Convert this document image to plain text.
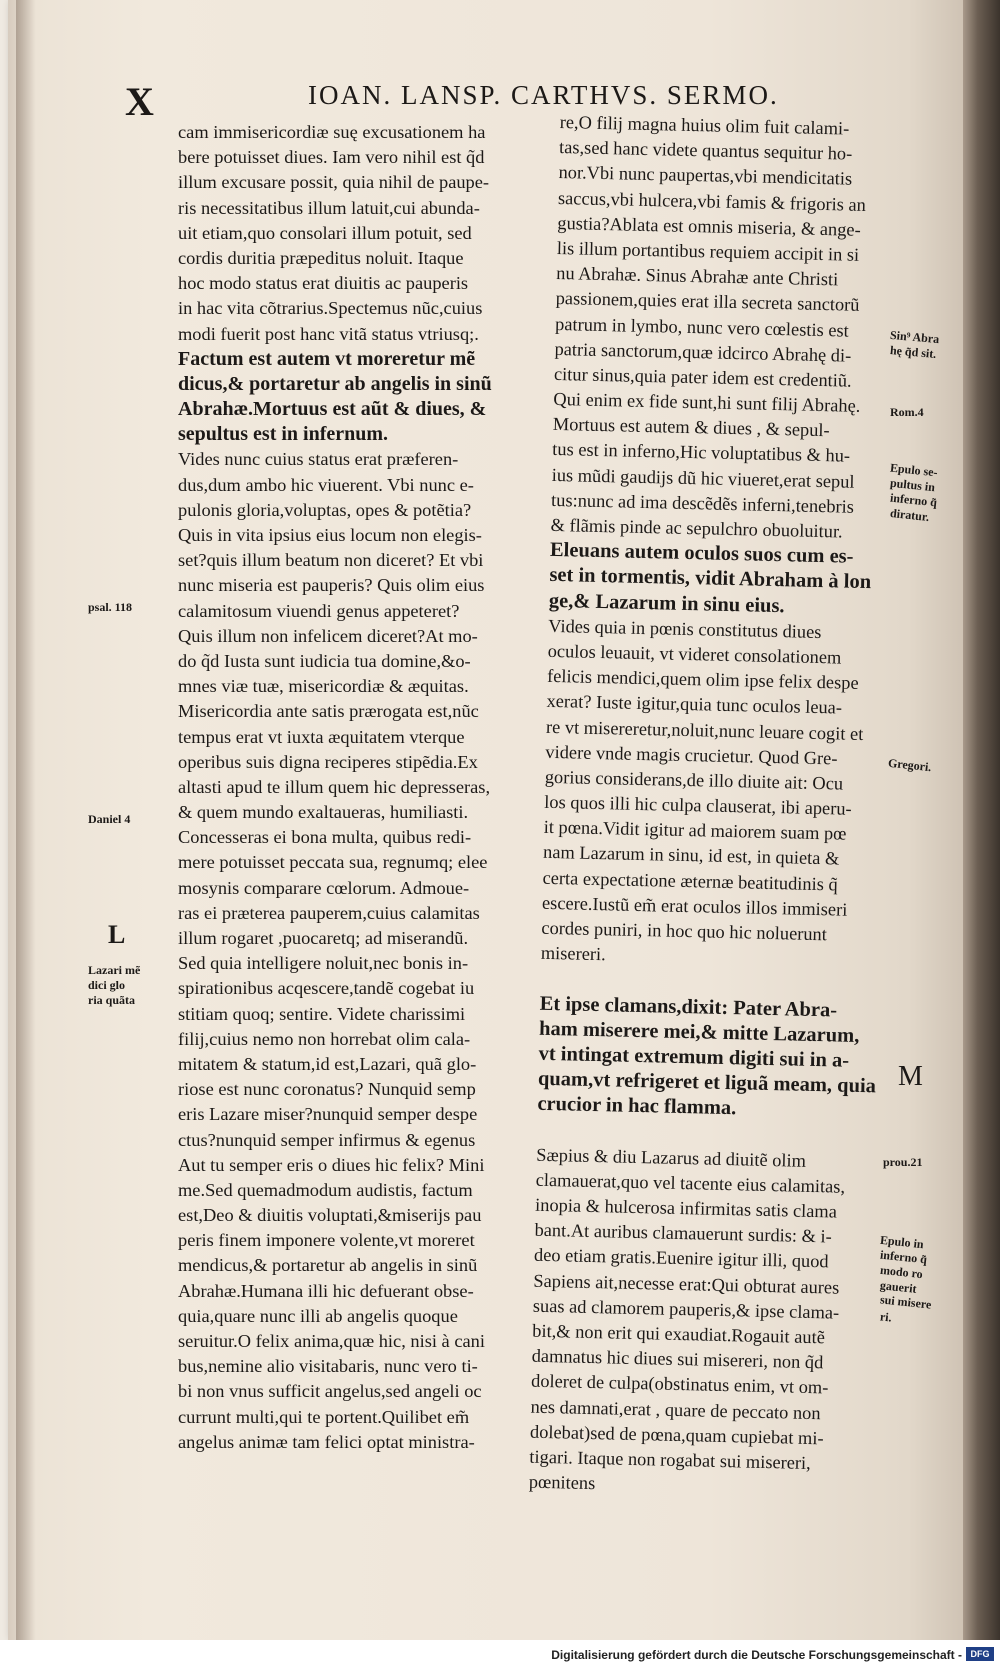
X	IOAN. LANSP. CARTHVS. SERMO.
cam immisericordiæ suę excusationem ha
bere potuisset diues. Iam vero nihil est q̃d
illum excusare possit, quia nihil de paupe-
ris necessitatibus illum latuit,cui abunda-
uit etiam,quo consolari illum potuit, sed
cordis duritia præpeditus noluit. Itaque
hoc modo status erat diuitis ac pauperis
in hac vita cõtrarius.Spectemus nũc,cuius
modi fuerit post hanc vitã status vtriusq;.
Factum est autem vt moreretur mẽ
dicus,& portaretur ab angelis in sinũ
Abrahæ.Mortuus est aũt & diues, &
sepultus est in infernum.
Vides nunc cuius status erat præferen-
dus,dum ambo hic viuerent. Vbi nunc e-
pulonis gloria,voluptas, opes & potẽtia?
Quis in vita ipsius eius locum non elegis-
set?quis illum beatum non diceret? Et vbi
nunc miseria est pauperis? Quis olim eius
calamitosum viuendi genus appeteret?
Quis illum non infelicem diceret?At mo-
do q̃d Iusta sunt iudicia tua domine,&o-
mnes viæ tuæ, misericordiæ & æquitas.
Misericordia ante satis prærogata est,nũc
tempus erat vt iuxta æquitatem vterque
operibus suis digna reciperes stipẽdia.Ex
altasti apud te illum quem hic depresseras,
& quem mundo exaltaueras, humiliasti.
Concesseras ei bona multa, quibus redi-
mere potuisset peccata sua, regnumq; elee
mosynis comparare cœlorum. Admoue-
ras ei præterea pauperem,cuius calamitas
illum rogaret ,puocaretq; ad miserandũ.
Sed quia intelligere noluit,nec bonis in-
spirationibus acqescere,tandẽ cogebat iu
stitiam quoq; sentire. Videte charissimi
filij,cuius nemo non horrebat olim cala-
mitatem & statum,id est,Lazari, quã glo-
riose est nunc coronatus? Nunquid semp
eris Lazare miser?nunquid semper despe
ctus?nunquid semper infirmus & egenus
Aut tu semper eris o diues hic felix? Mini
me.Sed quemadmodum audistis, factum
est,Deo & diuitis voluptati,&miserijs pau
peris finem imponere volente,vt moreret
mendicus,& portaretur ab angelis in sinũ
Abrahæ.Humana illi hic defuerant obse-
quia,quare nunc illi ab angelis quoque
seruitur.O felix anima,quæ hic, nisi à cani
bus,nemine alio visitabaris, nunc vero ti-
bi non vnus sufficit angelus,sed angeli oc
currunt multi,qui te portent.Quilibet em̃
angelus animæ tam felici optat ministra-
re,O filij magna huius olim fuit calami-
tas,sed hanc videte quantus sequitur ho-
nor.Vbi nunc paupertas,vbi mendicitatis
saccus,vbi hulcera,vbi famis & frigoris an
gustia?Ablata est omnis miseria, & ange-
lis illum portantibus requiem accipit in si
nu Abrahæ. Sinus Abrahæ ante Christi
passionem,quies erat illa secreta sanctorũ
patrum in lymbo, nunc vero cœlestis est
patria sanctorum,quæ idcirco Abrahę di-
citur sinus,quia pater idem est credentiũ.
Qui enim ex fide sunt,hi sunt filij Abrahę.
Mortuus est autem & diues , & sepul-
tus est in inferno,Hic voluptatibus & hu-
ius mũdi gaudijs dũ hic viueret,erat sepul
tus:nunc ad ima descẽdẽs inferni,tenebris
& flãmis pinde ac sepulchro obuoluitur.
Eleuans autem oculos suos cum es-
set in tormentis, vidit Abraham à lon
ge,& Lazarum in sinu eius.
Vides quia in pœnis constitutus diues
oculos leuauit, vt videret consolationem
felicis mendici,quem olim ipse felix despe
xerat? Iuste igitur,quia tunc oculos leua-
re vt misereretur,noluit,nunc leuare cogit et
videre vnde magis crucietur. Quod Gre-
gorius considerans,de illo diuite ait: Ocu
los quos illi hic culpa clauserat, ibi aperu-
it pœna.Vidit igitur ad maiorem suam pœ
nam Lazarum in sinu, id est, in quieta &
certa expectatione æternæ beatitudinis q̃
escere.Iustũ em̃ erat oculos illos immiseri
cordes puniri, in hoc quo hic noluerunt
misereri.
Et ipse clamans,dixit: Pater Abra-
ham miserere mei,& mitte Lazarum,
vt intingat extremum digiti sui in a-
quam,vt refrigeret et liguã meam, quia
crucior in hac flamma.
Sæpius & diu Lazarus ad diuitẽ olim
clamauerat,quo vel tacente eius calamitas,
inopia & hulcerosa infirmitas satis clama
bant.At auribus clamauerunt surdis: & i-
deo etiam gratis.Euenire igitur illi, quod
Sapiens ait,necesse erat:Qui obturat aures
suas ad clamorem pauperis,& ipse clama-
bit,& non erit qui exaudiat.Rogauit autẽ
damnatus hic diues sui misereri, non q̃d
doleret de culpa(obstinatus enim, vt om-
nes damnati,erat , quare de peccato non
dolebat)sed de pœna,quam cupiebat mi-
tigari. Itaque non rogabat sui misereri,
pœnitens
psal. 118
Daniel 4
L
Lazari mẽ
dici glo
ria quãta
Sin⁹ Abra
hę q̃d sit.
Rom.4
Epulo se-
pultus in
inferno q̃
diratur.
Gregori.
M
prou.21
Epulo in
inferno q̃
modo ro
gauerit
sui misere
ri.
Digitalisierung gefördert durch die Deutsche Forschungsgemeinschaft - DFG
